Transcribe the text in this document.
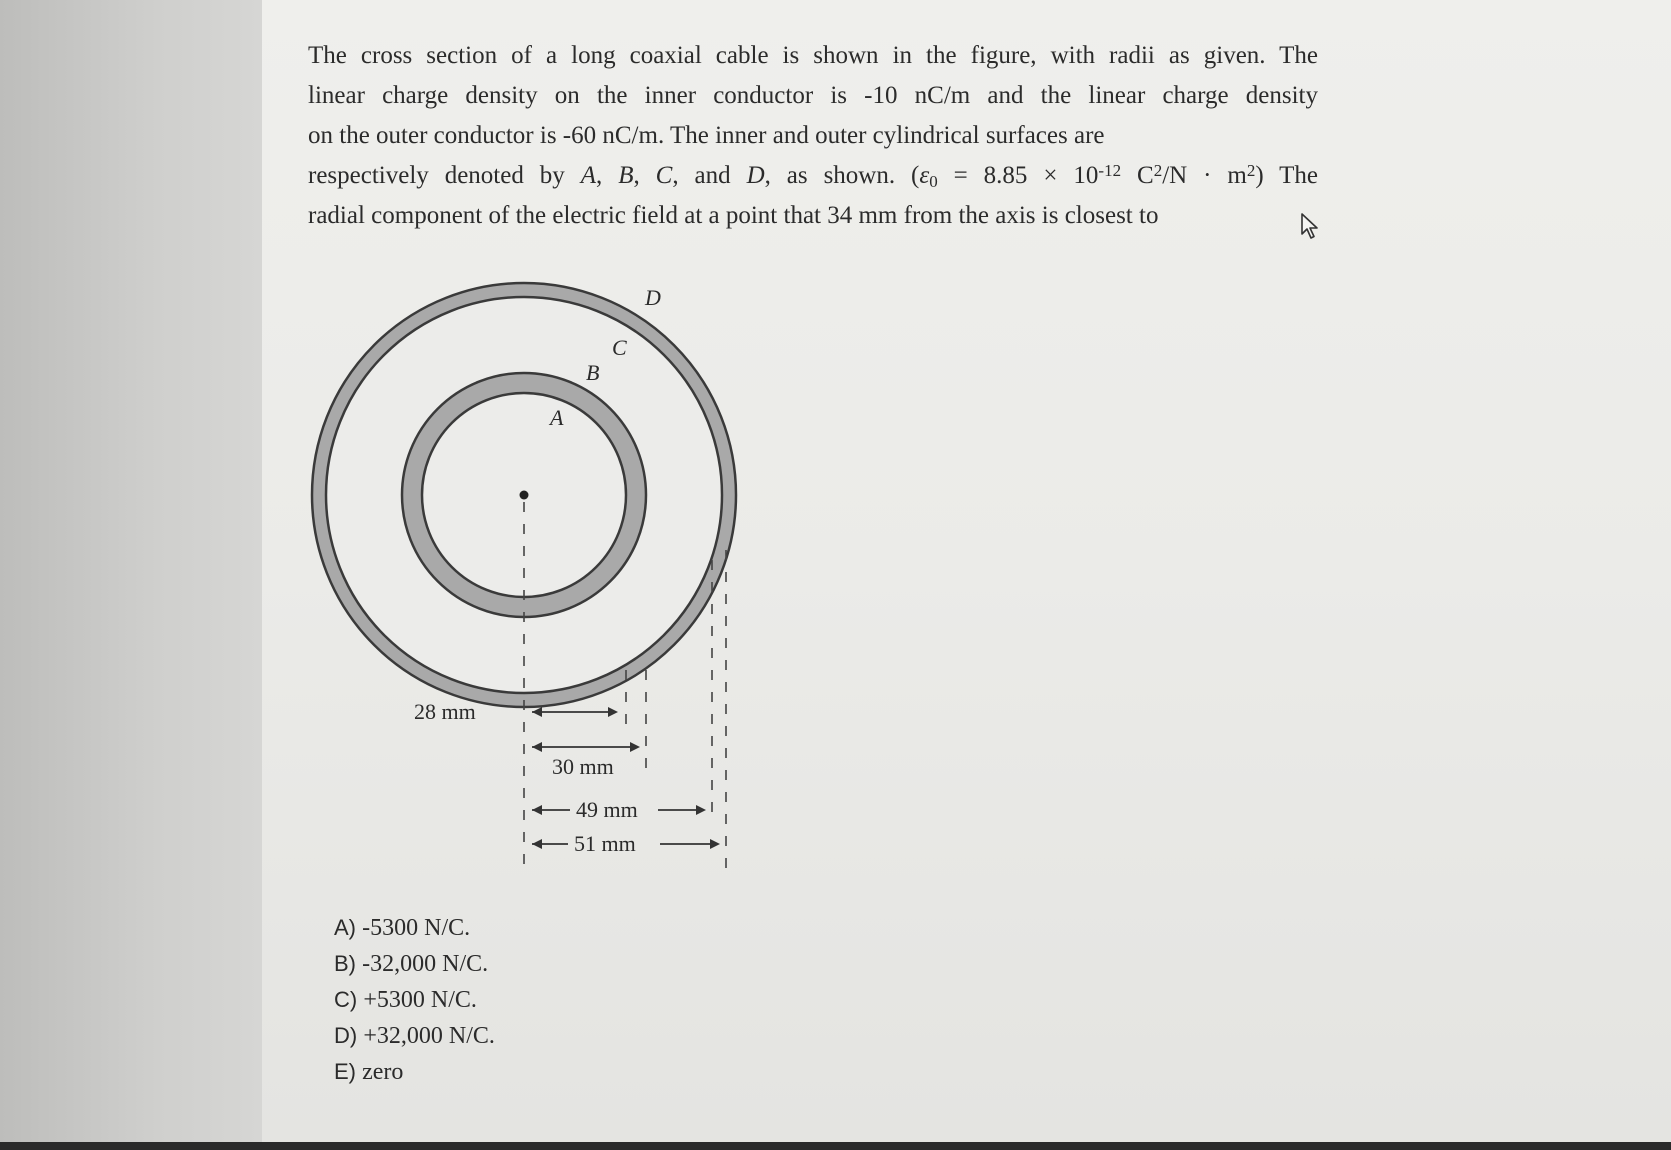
The cross section of a long coaxial cable is shown in the figure, with radii as given. The

linear charge density on the inner conductor is -10 nC/m and the linear charge density

on the outer conductor is -60 nC/m. The inner and outer cylindrical surfaces are

respectively denoted by A, B, C, and D, as shown. ($\varepsilon_0 = 8.85 \times 10^{-12}$ $C^2/N \cdot m^2$) The

radial component of the electric field at a point that 34 mm from the axis is closest to

A
B
C
D
28 mm
30 mm
49 mm
51 mm
A) -5300 N/C.
B) -32,000 N/C.
C) +5300 N/C.
D) +32,000 N/C.
E) zero
